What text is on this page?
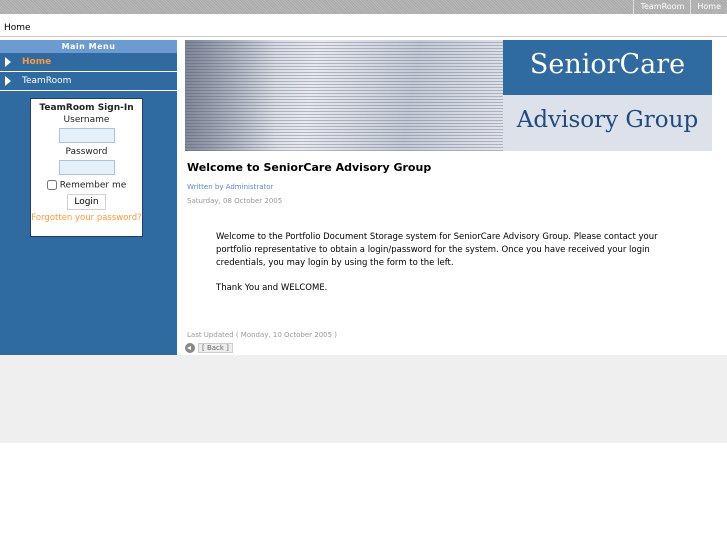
TeamRoom	Home
Home
Main Menu
Home
TeamRoom
TeamRoom Sign-In
Username
Password
Remember me
Login
Forgotten your password?
SeniorCare
Advisory Group
Welcome to SeniorCare Advisory Group
Written by Administrator
Saturday, 08 October 2005

Welcome to the Portfolio Document Storage system for SeniorCare Advisory Group. Please contact your portfolio representative to obtain a login/password for the system. Once you have received your login credentials, you may login by using the form to the left.

Thank You and WELCOME.

Last Updated ( Monday, 10 October 2005 )
[ Back ]
